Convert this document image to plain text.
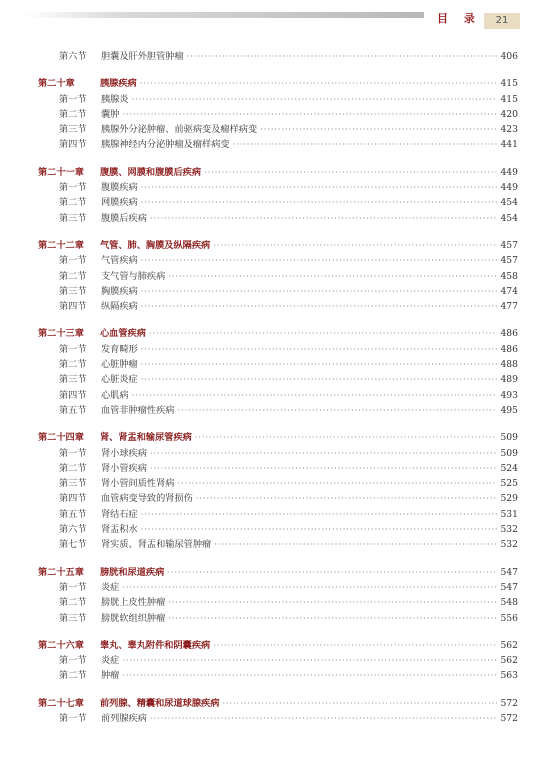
目 录	21
第六节	胆囊及肝外胆管肿瘤 ·····	406
第二十章	胰腺疾病 ·····	415
第一节	胰腺炎 ·····	415
第二节	囊肿 ·····	420
第三节	胰腺外分泌肿瘤、前驱病变及瘤样病变 ·····	423
第四节	胰腺神经内分泌肿瘤及瘤样病变 ·····	441
第二十一章	腹膜、网膜和腹膜后疾病 ·····	449
第一节	腹膜疾病 ·····	449
第二节	网膜疾病 ·····	454
第三节	腹膜后疾病 ·····	454
第二十二章	气管、肺、胸膜及纵隔疾病 ·····	457
第一节	气管疾病 ·····	457
第二节	支气管与肺疾病 ·····	458
第三节	胸膜疾病 ·····	474
第四节	纵隔疾病 ·····	477
第二十三章	心血管疾病 ·····	486
第一节	发育畸形 ·····	486
第二节	心脏肿瘤 ·····	488
第三节	心脏炎症 ·····	489
第四节	心肌病 ·····	493
第五节	血管非肿瘤性疾病 ·····	495
第二十四章	肾、肾盂和输尿管疾病 ·····	509
第一节	肾小球疾病 ·····	509
第二节	肾小管疾病 ·····	524
第三节	肾小管间质性肾病 ·····	525
第四节	血管病变导致的肾损伤 ·····	529
第五节	肾结石症 ·····	531
第六节	肾盂积水 ·····	532
第七节	肾实质、肾盂和输尿管肿瘤 ·····	532
第二十五章	膀胱和尿道疾病 ·····	547
第一节	炎症 ·····	547
第二节	膀胱上皮性肿瘤 ·····	548
第三节	膀胱软组织肿瘤 ·····	556
第二十六章	睾丸、睾丸附件和阴囊疾病 ·····	562
第一节	炎症 ·····	562
第二节	肿瘤 ·····	563
第二十七章	前列腺、精囊和尿道球腺疾病 ·····	572
第一节	前列腺疾病 ·····	572
